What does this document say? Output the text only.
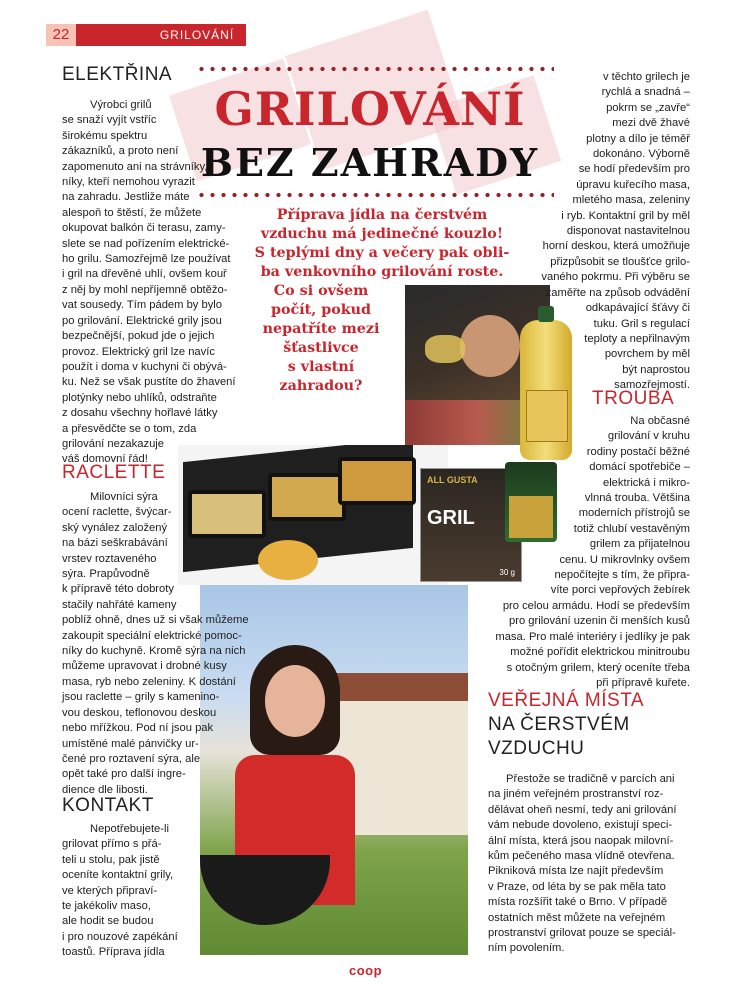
22	GRILOVÁNÍ
GRILOVÁNÍ
BEZ ZAHRADY
Příprava jídla na čerstvém
vzduchu má jedinečné kouzlo!
S teplými dny a večery pak obli-
ba venkovního grilování roste.
Co si ovšem
počít, pokud
nepatříte mezi
šťastlivce
s vlastní
zahradou?
ALL GUSTA
GRIL
30 g
ELEKTŘINA

Výrobci grilů

se snaží vyjít vstříc

širokému spektru

zákazníků, a proto není

zapomenuto ani na strávníky,

níky, kteří nemohou vyrazit

na zahradu. Jestliže máte

alespoň to štěstí, že můžete

okupovat balkón či terasu, zamy-

slete se nad pořízením elektrické-

ho grilu. Samozřejmě lze používat

i gril na dřevěné uhlí, ovšem kouř

z něj by mohl nepříjemně obtěžo-

vat sousedy. Tím pádem by bylo

po grilování. Elektrické grily jsou

bezpečnější, pokud jde o jejich

provoz. Elektrický gril lze navíc

použít i doma v kuchyni či obývá-

ku. Než se však pustíte do žhavení

plotýnky nebo uhlíků, odstraňte

z dosahu všechny hořlavé látky

a přesvědčte se o tom, zda

grilování nezakazuje

váš domovní řád!

RACLETTE

Milovníci sýra

ocení raclette, švýcar-

ský vynález založený

na bázi seškrabávání

vrstev roztaveného

sýra. Prapůvodně

k přípravě této dobroty

stačily nahřáté kameny

poblíž ohně, dnes už si však můžeme

zakoupit speciální elektrické pomoc-

níky do kuchyně. Kromě sýra na nich

můžeme upravovat i drobné kusy

masa, ryb nebo zeleniny. K dostání

jsou raclette – grily s kamenino-

vou deskou, teflonovou deskou

nebo mřížkou. Pod ní jsou pak

umístěné malé pánvičky ur-

čené pro roztavení sýra, ale

opět také pro další ingre-

dience dle libosti.

KONTAKT

Nepotřebujete-li

grilovat přímo s přá-

teli u stolu, pak jistě

oceníte kontaktní grily,

ve kterých připraví-

te jakékoliv maso,

ale hodit se budou

i pro nouzové zapékání

toastů. Příprava jídla

v těchto grilech je

rychlá a snadná –

pokrm se „zavře“

mezi dvě žhavé

plotny a dílo je téměř

dokonáno. Výborně

se hodí především pro

úpravu kuřecího masa,

mletého masa, zeleniny

i ryb. Kontaktní gril by měl

disponovat nastavitelnou

horní deskou, která umožňuje

přizpůsobit se tloušťce grilo-

vaného pokrmu. Při výběru se

zaměřte na způsob odvádění

odkapávající šťávy či

tuku. Gril s regulací

teploty a nepřilnavým

povrchem by měl

být naprostou

samozřejmostí.

TROUBA

Na občasné

grilování v kruhu

rodiny postačí běžné

domácí spotřebiče –

elektrická i mikro-

vlnná trouba. Většina

moderních přístrojů se

totiž chlubí vestavěným

grilem za přijatelnou

cenu. U mikrovlnky ovšem

nepočítejte s tím, že připra-

víte porci vepřových žebírek

pro celou armádu. Hodí se především

pro grilování uzenin či menších kusů

masa. Pro malé interiéry i jedlíky je pak

možné pořídit elektrickou minitroubu

s otočným grilem, který oceníte třeba

při přípravě kuřete.

VEŘEJNÁ MÍSTA
NA ČERSTVÉM
VZDUCHU

Přestože se tradičně v parcích ani

na jiném veřejném prostranství roz-

dělávat oheň nesmí, tedy ani grilování

vám nebude dovoleno, existují speci-

ální místa, která jsou naopak milovní-

kům pečeného masa vlídně otevřena.

Pikniková místa lze najít především

v Praze, od léta by se pak měla tato

místa rozšířit také o Brno. V případě

ostatních měst můžete na veřejném

prostranství grilovat pouze se speciál-

ním povolením.

coop
